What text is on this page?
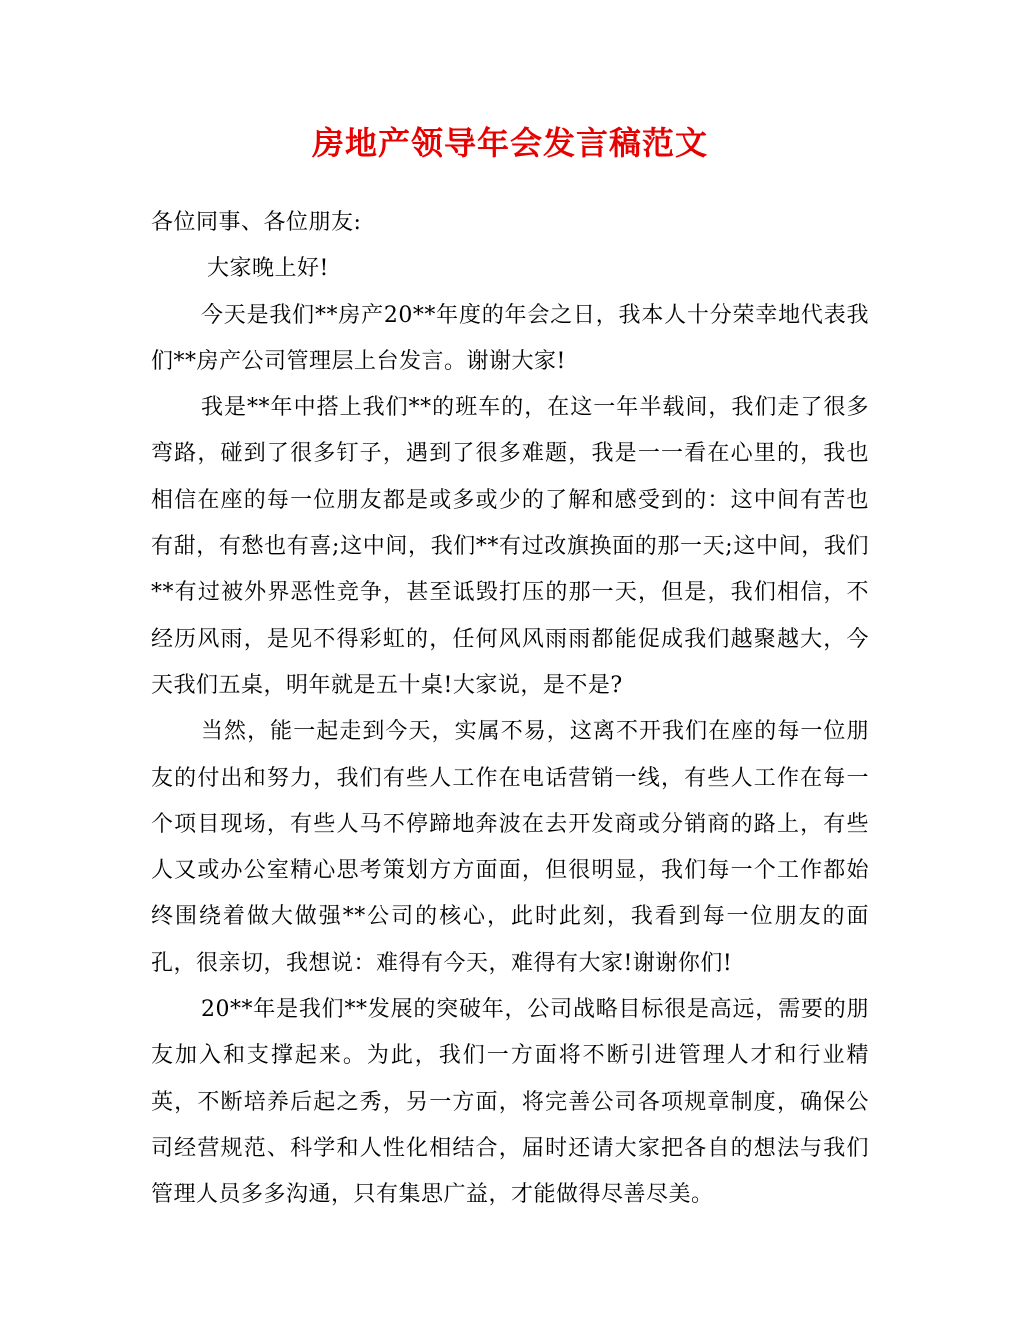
房地产领导年会发言稿范文

各位同事、各位朋友:

大家晚上好!

今天是我们**房产20**年度的年会之日，我本人十分荣幸地代表我们**房产公司管理层上台发言。谢谢大家!

我是**年中搭上我们**的班车的，在这一年半载间，我们走了很多弯路，碰到了很多钉子，遇到了很多难题，我是一一看在心里的，我也相信在座的每一位朋友都是或多或少的了解和感受到的：这中间有苦也有甜，有愁也有喜;这中间，我们**有过改旗换面的那一天;这中间，我们**有过被外界恶性竞争，甚至诋毁打压的那一天，但是，我们相信，不经历风雨，是见不得彩虹的，任何风风雨雨都能促成我们越聚越大，今天我们五桌，明年就是五十桌!大家说，是不是?

当然，能一起走到今天，实属不易，这离不开我们在座的每一位朋友的付出和努力，我们有些人工作在电话营销一线，有些人工作在每一个项目现场，有些人马不停蹄地奔波在去开发商或分销商的路上，有些人又或办公室精心思考策划方方面面，但很明显，我们每一个工作都始终围绕着做大做强**公司的核心，此时此刻，我看到每一位朋友的面孔，很亲切，我想说：难得有今天，难得有大家!谢谢你们!

20**年是我们**发展的突破年，公司战略目标很是高远，需要的朋友加入和支撑起来。为此，我们一方面将不断引进管理人才和行业精英，不断培养后起之秀，另一方面，将完善公司各项规章制度，确保公司经营规范、科学和人性化相结合，届时还请大家把各自的想法与我们管理人员多多沟通，只有集思广益，才能做得尽善尽美。
